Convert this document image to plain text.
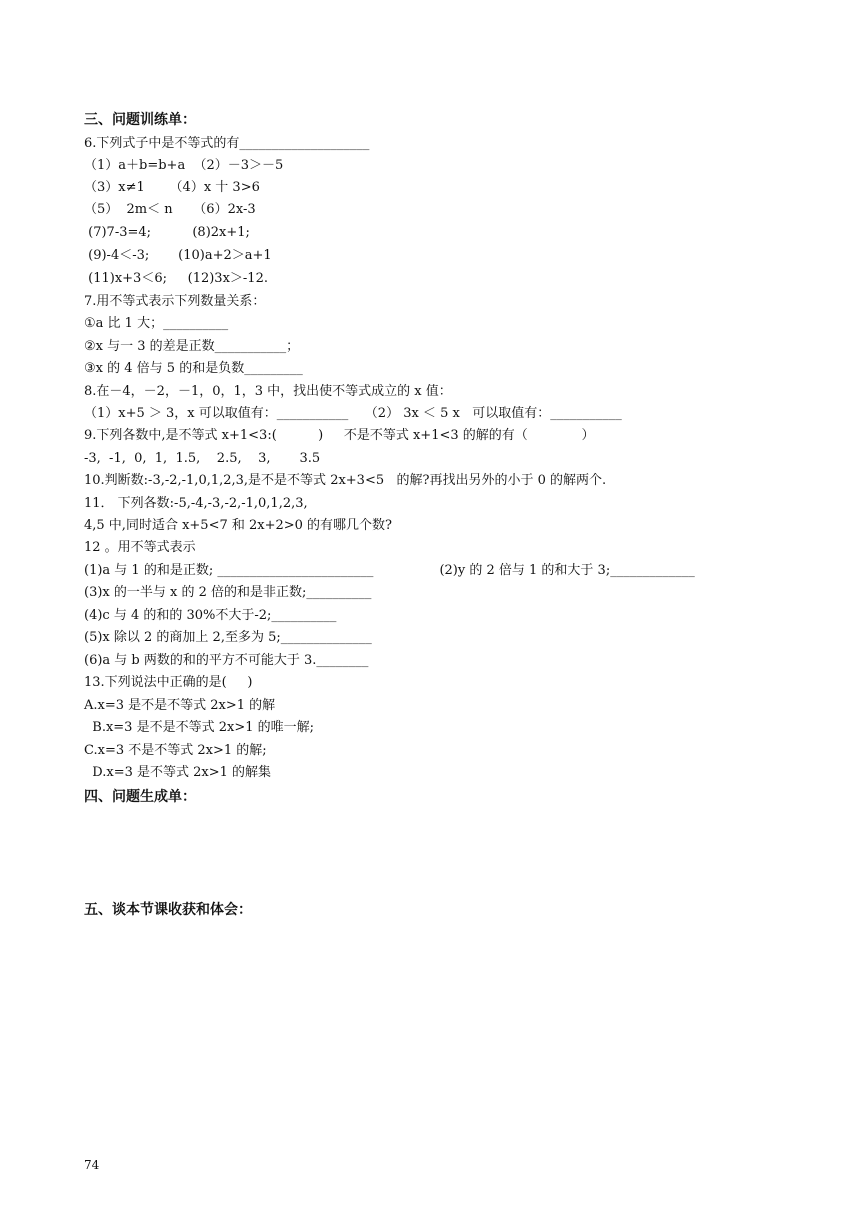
三、问题训练单：
6.下列式子中是不等式的有____________________
（1）a＋b=b+a  （2）－3＞－5
（3）x≠1      （4）x 十 3>6
（5）  2m＜ n     （6）2x-3
(7)7-3=4;          (8)2x+1;
(9)-4＜-3;       (10)a+2＞a+1
(11)x+3＜6;     (12)3x＞-12.
7.用不等式表示下列数量关系：
①a 比 1 大；__________
②x 与一 3 的差是正数___________；
③x 的 4 倍与 5 的和是负数_________
8.在－4，－2，－1，0，1，3 中，找出使不等式成立的 x 值：
（1）x+5 ＞ 3，x 可以取值有：___________    （2） 3x ＜ 5 x   可以取值有：___________
9.下列各数中,是不等式 x+1<3:(          )     不是不等式 x+1<3 的解的有（             ）
-3,  -1,  0,  1,  1.5,    2.5,    3,       3.5
10.判断数:-3,-2,-1,0,1,2,3,是不是不等式 2x+3<5   的解?再找出另外的小于 0 的解两个.
11． 下列各数:-5,-4,-3,-2,-1,0,1,2,3,
4,5 中,同时适合 x+5<7 和 2x+2>0 的有哪几个数?
12 。用不等式表示
(1)a 与 1 的和是正数; ________________________                (2)y 的 2 倍与 1 的和大于 3;_____________
(3)x 的一半与 x 的 2 倍的和是非正数;__________
(4)c 与 4 的和的 30%不大于-2;__________
(5)x 除以 2 的商加上 2,至多为 5;______________
(6)a 与 b 两数的和的平方不可能大于 3.________
13.下列说法中正确的是(     )
A.x=3 是不是不等式 2x>1 的解
B.x=3 是不是不等式 2x>1 的唯一解;
C.x=3 不是不等式 2x>1 的解;
D.x=3 是不等式 2x>1 的解集
四、问题生成单：
五、谈本节课收获和体会：
74
